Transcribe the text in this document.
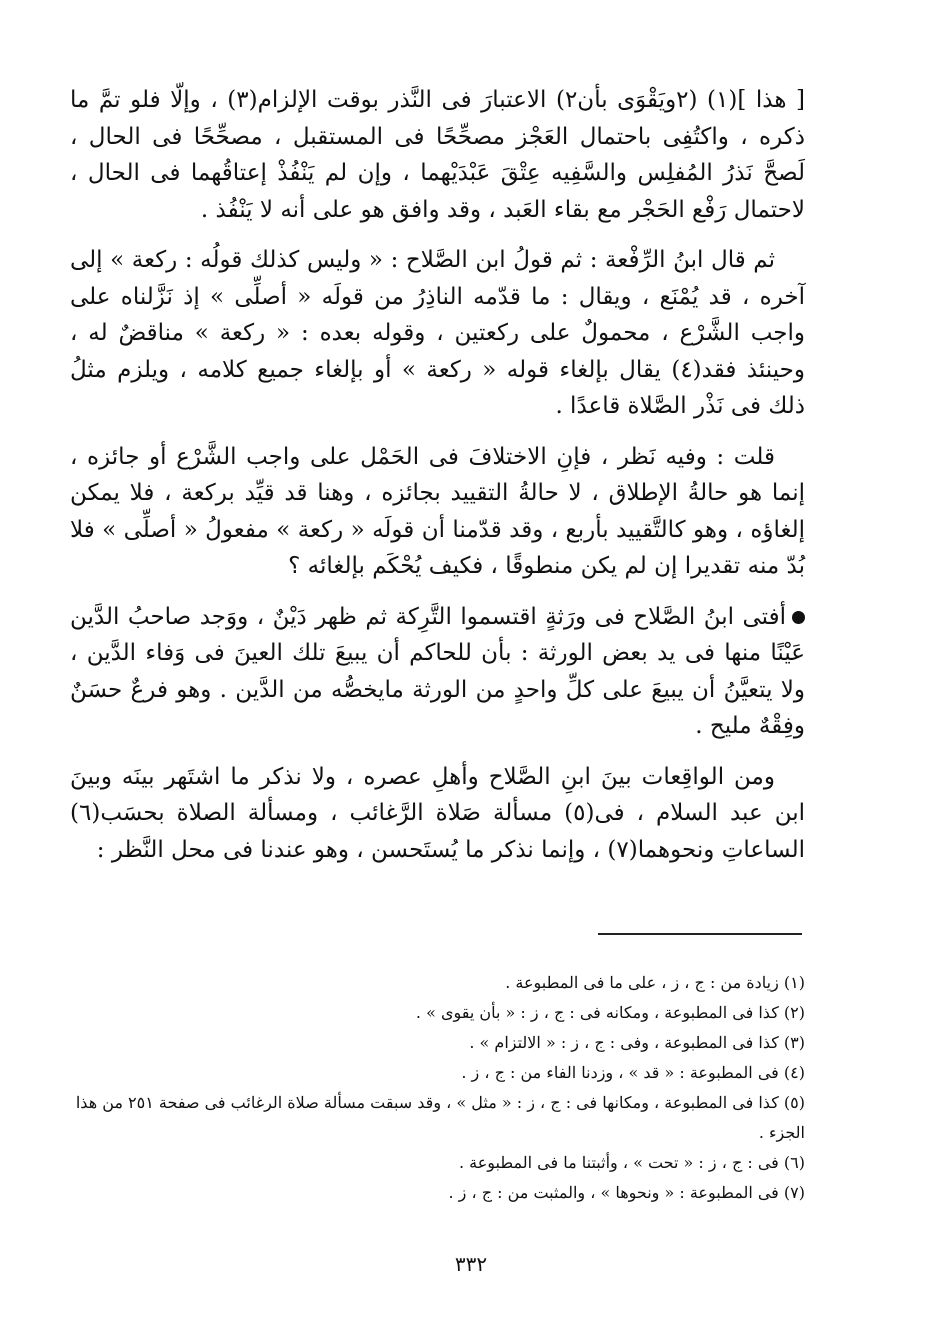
[ هذا ](١) (٢ويَقْوَى بأن٢) الاعتبارَ فى النَّذر بوقت الإلزام(٣) ، وإلّا فلو تمَّ ما ذكره ، واكتُفِى باحتمال العَجْز مصحِّحًا فى المستقبل ، مصحِّحًا فى الحال ، لَصحَّ نَذرُ المُفلِس والسَّفِيه عِتْقَ عَبْدَيْهما ، وإن لم يَنْفُذْ إعتاقُهما فى الحال ، لاحتمال رَفْع الحَجْر مع بقاء العَبد ، وقد وافق هو على أنه لا يَنْفُذ .

ثم قال ابنُ الرِّفْعة : ثم قولُ ابن الصَّلاح : « وليس كذلك قولُه : ركعة » إلى آخره ، قد يُمْنَع ، ويقال : ما قدّمه الناذِرُ من قولَه « أصلِّى » إذ نَزَّلناه على واجب الشَّرْع ، محمولٌ على ركعتين ، وقوله بعده : « ركعة » مناقضٌ له ، وحينئذ فقد(٤) يقال بإلغاء قوله « ركعة » أو بإلغاء جميع كلامه ، ويلزم مثلُ ذلك فى نَذْر الصَّلاة قاعدًا .

قلت : وفيه نَظر ، فإنِ الاختلافَ فى الحَمْل على واجب الشَّرْع أو جائزه ، إنما هو حالةُ الإطلاق ، لا حالةُ التقييد بجائزه ، وهنا قد قيِّد بركعة ، فلا يمكن إلغاؤه ، وهو كالتَّقييد بأربع ، وقد قدّمنا أن قولَه « ركعة » مفعولُ « أصلِّى » فلا بُدّ منه تقديرا إن لم يكن منطوقًا ، فكيف يُحْكَم بإلغائه ؟

أفتى ابنُ الصَّلاح فى ورَثةٍ اقتسموا التَّرِكة ثم ظهر دَيْنٌ ، ووَجد صاحبُ الدَّين عَيْنًا منها فى يد بعض الورثة : بأن للحاكم أن يبيعَ تلك العينَ فى وَفاء الدَّين ، ولا يتعيَّنُ أن يبيعَ على كلِّ واحدٍ من الورثة مايخصُّه من الدَّين . وهو فرعٌ حسَنٌ وفِقْهٌ مليح .

ومن الواقِعات بينَ ابنِ الصَّلاح وأهلِ عصره ، ولا نذكر ما اشتَهر بينَه وبينَ ابن عبد السلام ، فى(٥) مسألة صَلاة الرَّغائب ، ومسألة الصلاة بحسَب(٦) الساعاتِ ونحوهما(٧) ، وإنما نذكر ما يُستَحسن ، وهو عندنا فى محل النَّظر :

(١) زيادة من : ج ، ز ، على ما فى المطبوعة .

(٢) كذا فى المطبوعة ، ومكانه فى : ج ، ز : « بأن يقوى » .

(٣) كذا فى المطبوعة ، وفى : ج ، ز : « الالتزام » .

(٤) فى المطبوعة : « قد » ، وزدنا الفاء من : ج ، ز .

(٥) كذا فى المطبوعة ، ومكانها فى : ج ، ز : « مثل » ، وقد سبقت مسألة صلاة الرغائب فى صفحة ٢٥١ من هذا الجزء .

(٦) فى : ج ، ز : « تحت » ، وأثبتنا ما فى المطبوعة .

(٧) فى المطبوعة : « ونحوها » ، والمثبت من : ج ، ز .

٣٣٢
